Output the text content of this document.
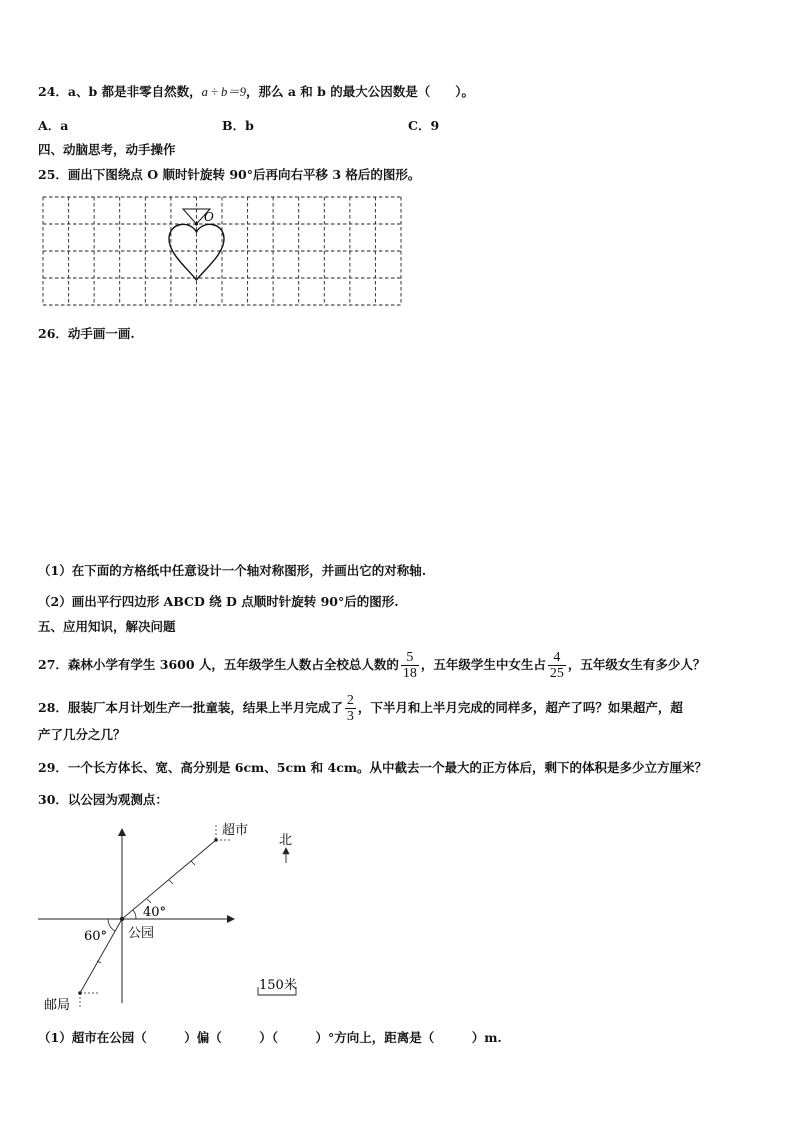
24．a、b 都是非零自然数，a ÷ b＝9，那么 a 和 b 的最大公因数是（　　）。
A．a	B．b	C．9
四、动脑思考，动手操作
25．画出下图绕点 O 顺时针旋转 90°后再向右平移 3 格后的图形。
O
26．动手画一画.
（1）在下面的方格纸中任意设计一个轴对称图形，并画出它的对称轴.
（2）画出平行四边形 ABCD 绕 D 点顺时针旋转 90°后的图形.
五、应用知识，解决问题
27．森林小学有学生 3600 人，五年级学生人数占全校总人数的 $\frac{5}{18}$ ，五年级学生中女生占 $\frac{4}{25}$ ，五年级女生有多少人？
28．服装厂本月计划生产一批童装，结果上半月完成了 $\frac{2}{3}$ ，下半月和上半月完成的同样多，超产了吗？如果超产，超
产了几分之几？
29．一个长方体长、宽、高分别是 6cm、5cm 和 4cm。从中截去一个最大的正方体后，剩下的体积是多少立方厘米？
30．以公园为观测点：
超市
邮局
40°
60° 公园
北
150米
（1）超市在公园（　　　）偏（　　　）（　　　）°方向上，距离是（　　　）m.
